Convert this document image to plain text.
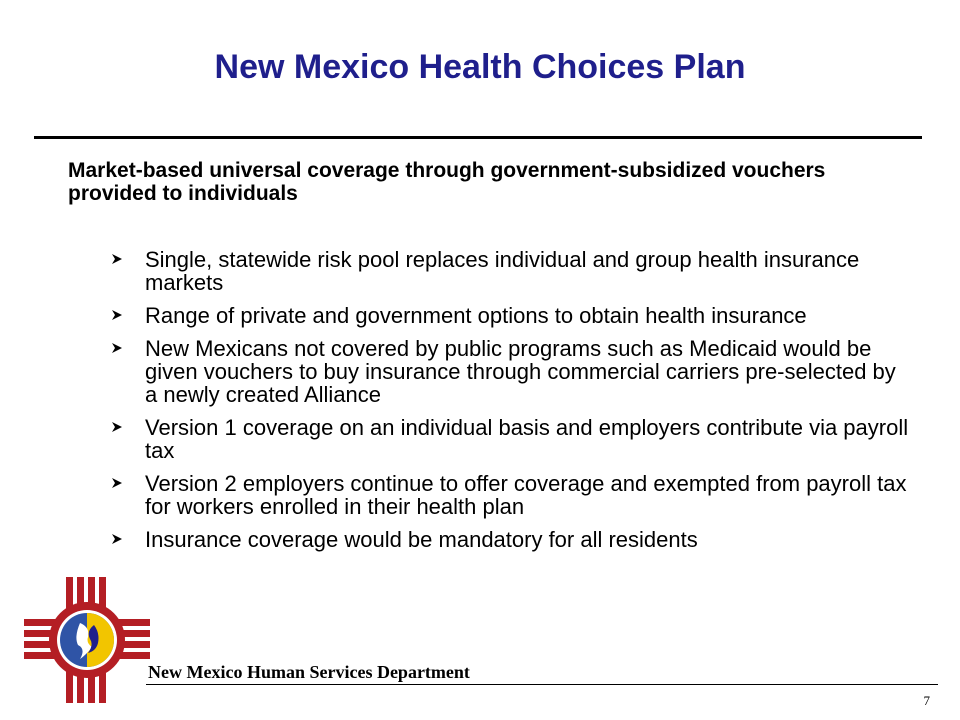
New Mexico Health Choices Plan
Market-based universal coverage through government-subsidized vouchers provided to individuals
Single, statewide risk pool replaces individual and group health insurance markets
Range of private and government options to obtain health insurance
New Mexicans not covered by public programs such as Medicaid would be given vouchers to buy insurance through commercial carriers pre-selected by a newly created Alliance
Version 1 coverage on an individual basis and employers contribute via payroll tax
Version 2 employers continue to offer coverage and exempted from payroll tax for workers enrolled in their health plan
Insurance coverage would be mandatory for all residents
New Mexico Human Services Department
7
